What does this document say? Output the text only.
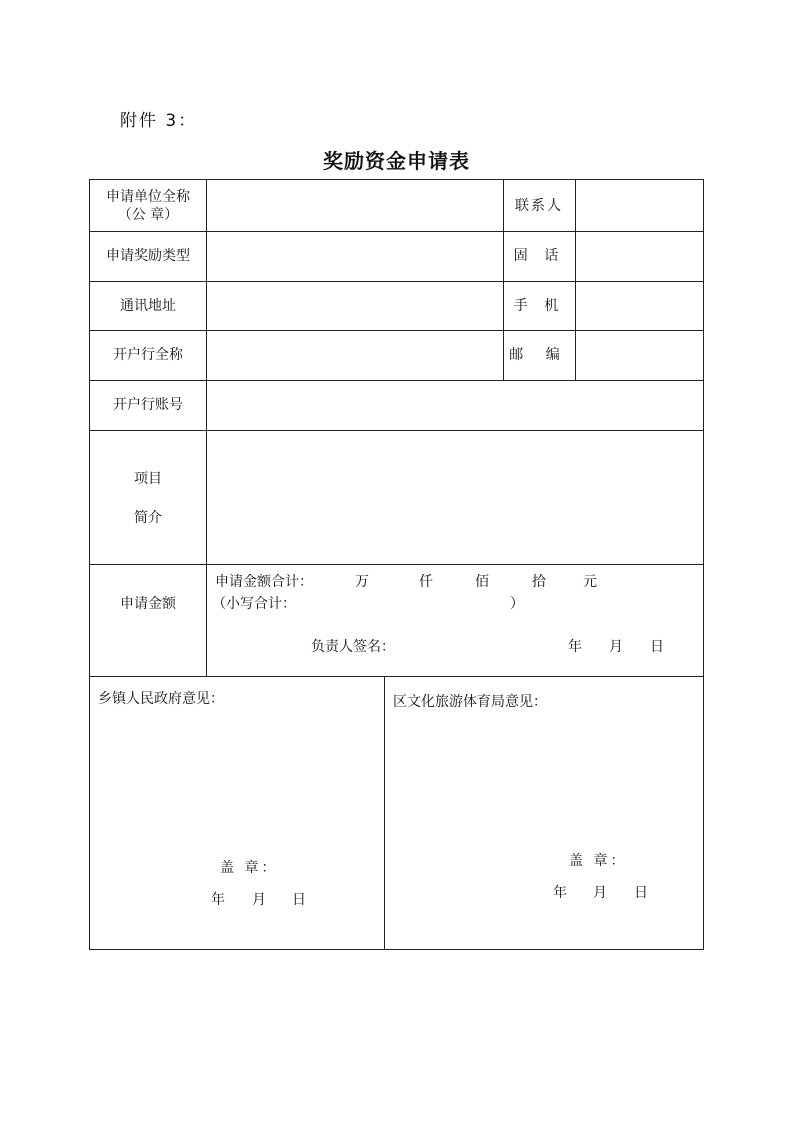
附件 3：
奖励资金申请表
申请单位全称
（公 章）
联系人
申请奖励类型	固 话
通讯地址	手 机
开户行全称	邮 编
开户行账号
项目
简介
申请金额
申请金额合计：	万	仟	佰	拾	元
（小写合计：	）
负责人签名：	年 月 日
乡镇人民政府意见：
盖 章：
年 月 日
区文化旅游体育局意见：
盖 章：
年 月 日
